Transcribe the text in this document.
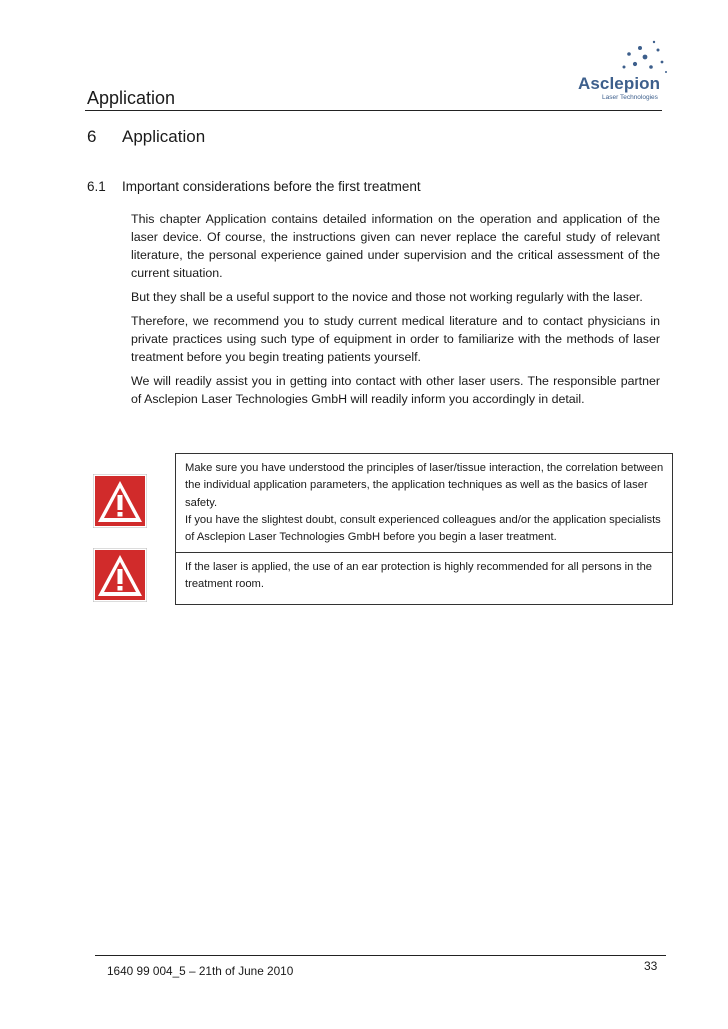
Asclepion
Laser Technologies
Application
6 Application
6.1 Important considerations before the first treatment

This chapter Application contains detailed information on the operation and application of the laser device. Of course, the instructions given can never replace the careful study of relevant literature, the personal experience gained under supervision and the critical assessment of the current situation.

But they shall be a useful support to the novice and those not working regularly with the laser.

Therefore, we recommend you to study current medical literature and to contact physicians in private practices using such type of equipment in order to familiarize with the methods of laser treatment before you begin treating patients yourself.

We will readily assist you in getting into contact with other laser users. The responsible partner of Asclepion Laser Technologies GmbH will readily inform you accordingly in detail.

Make sure you have understood the principles of laser/tissue interaction, the correlation between the individual application parameters, the application techniques as well as the basics of laser safety.

If you have the slightest doubt, consult experienced colleagues and/or the application specialists of Asclepion Laser Technologies GmbH before you begin a laser treatment.

If the laser is applied, the use of an ear protection is highly recommended for all persons in the treatment room.

1640 99 004_5 – 21th of June 2010	33
